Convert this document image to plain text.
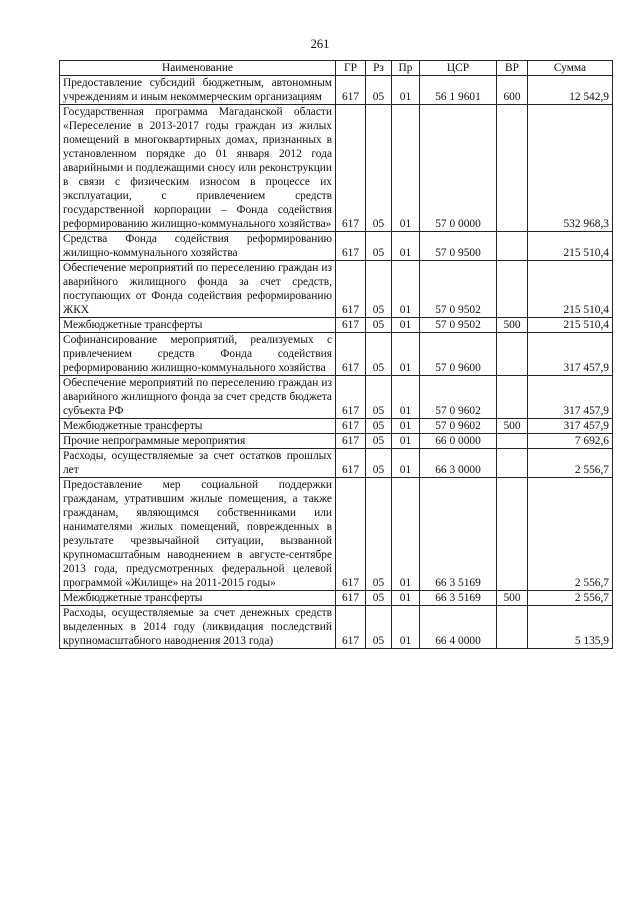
261
Наименование	ГР	Рз	Пр	ЦСР	ВР	Сумма
Предоставление субсидий бюджетным, автономным учреждениям и иным некоммерческим организациям	617	05	01	56 1 9601	600	12 542,9
Государственная программа Магаданской области «Переселение в 2013-2017 годы граждан из жилых помещений в многоквартирных домах, признанных в установленном порядке до 01 января 2012 года аварийными и подлежащими сносу или реконструкции в связи с физическим износом в процессе их эксплуатации, с привлечением средств государственной корпорации – Фонда содействия реформированию жилищно-коммунального хозяйства»	617	05	01	57 0 0000		532 968,3
Средства Фонда содействия реформированию жилищно-коммунального хозяйства	617	05	01	57 0 9500		215 510,4
Обеспечение мероприятий по переселению граждан из аварийного жилищного фонда за счет средств, поступающих от Фонда содействия реформированию ЖКХ	617	05	01	57 0 9502		215 510,4
Межбюджетные трансферты	617	05	01	57 0 9502	500	215 510,4
Софинансирование мероприятий, реализуемых с привлечением средств Фонда содействия реформированию жилищно-коммунального хозяйства	617	05	01	57 0 9600		317 457,9
Обеспечение мероприятий по переселению граждан из аварийного жилищного фонда за счет средств бюджета субъекта РФ	617	05	01	57 0 9602		317 457,9
Межбюджетные трансферты	617	05	01	57 0 9602	500	317 457,9
Прочие непрограммные мероприятия	617	05	01	66 0 0000		7 692,6
Расходы, осуществляемые за счет остатков прошлых лет	617	05	01	66 3 0000		2 556,7
Предоставление мер социальной поддержки гражданам, утратившим жилые помещения, а также гражданам, являющимся собственниками или нанимателями жилых помещений, поврежденных в результате чрезвычайной ситуации, вызванной крупномасштабным наводнением в августе-сентябре 2013 года, предусмотренных федеральной целевой программой «Жилище» на 2011-2015 годы»	617	05	01	66 3 5169		2 556,7
Межбюджетные трансферты	617	05	01	66 3 5169	500	2 556,7
Расходы, осуществляемые за счет денежных средств выделенных в 2014 году (ликвидация последствий крупномасштабного наводнения 2013 года)	617	05	01	66 4 0000		5 135,9
